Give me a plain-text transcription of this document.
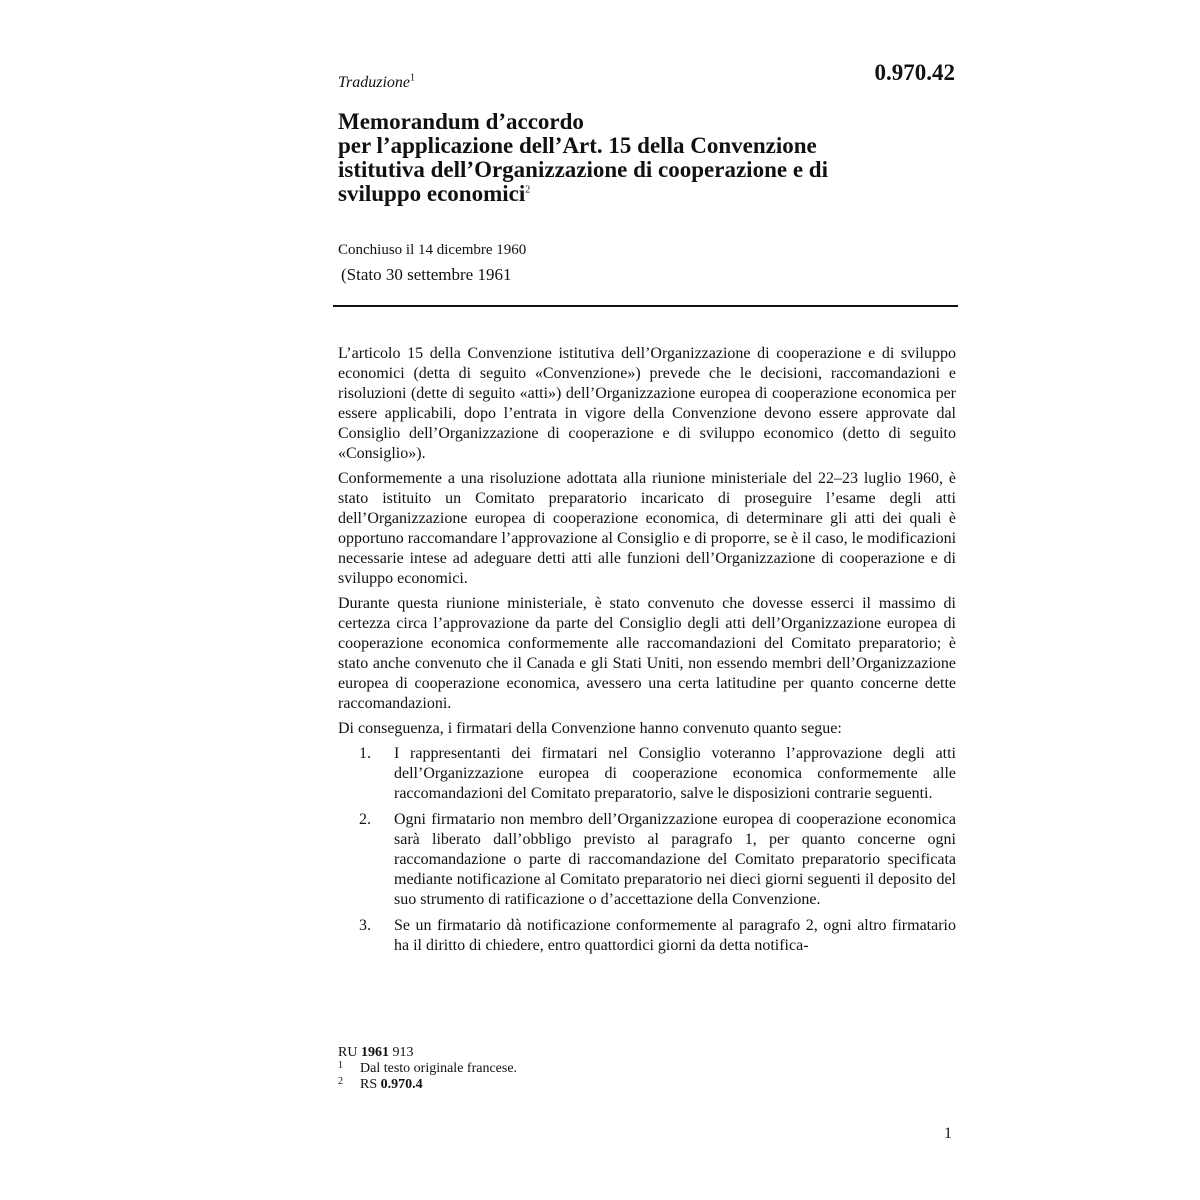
Traduzione$^1$	0.970.42
Memorandum d’accordo
per l’applicazione dell’Art. 15 della Convenzione
istitutiva dell’Organizzazione di cooperazione e di
sviluppo economici$^2$
Conchiuso il 14 dicembre 1960
(Stato 30 settembre 1961

L’articolo 15 della Convenzione istitutiva dell’Organizzazione di cooperazione e di sviluppo economici (detta di seguito «Convenzione») prevede che le decisioni, raccomandazioni e risoluzioni (dette di seguito «atti») dell’Organizzazione europea di cooperazione economica per essere applicabili, dopo l’entrata in vigore della Convenzione devono essere approvate dal Consiglio dell’Organizzazione di cooperazione e di sviluppo economico (detto di seguito «Consiglio»).

Conformemente a una risoluzione adottata alla riunione ministeriale del 22–23 luglio 1960, è stato istituito un Comitato preparatorio incaricato di proseguire l’esame degli atti dell’Organizzazione europea di cooperazione economica, di determinare gli atti dei quali è opportuno raccomandare l’approvazione al Consiglio e di proporre, se è il caso, le modificazioni necessarie intese ad adeguare detti atti alle funzioni dell’Organizzazione di cooperazione e di sviluppo economici.

Durante questa riunione ministeriale, è stato convenuto che dovesse esserci il massimo di certezza circa l’approvazione da parte del Consiglio degli atti dell’Organizzazione europea di cooperazione economica conformemente alle raccomandazioni del Comitato preparatorio; è stato anche convenuto che il Canada e gli Stati Uniti, non essendo membri dell’Organizzazione europea di cooperazione economica, avessero una certa latitudine per quanto concerne dette raccomandazioni.

Di conseguenza, i firmatari della Convenzione hanno convenuto quanto segue:

1. I rappresentanti dei firmatari nel Consiglio voteranno l’approvazione degli atti dell’Organizzazione europea di cooperazione economica conformemente alle raccomandazioni del Comitato preparatorio, salve le disposizioni contrarie seguenti.
2. Ogni firmatario non membro dell’Organizzazione europea di cooperazione economica sarà liberato dall’obbligo previsto al paragrafo 1, per quanto concerne ogni raccomandazione o parte di raccomandazione del Comitato preparatorio specificata mediante notificazione al Comitato preparatorio nei dieci giorni seguenti il deposito del suo strumento di ratificazione o d’accettazione della Convenzione.
3. Se un firmatario dà notificazione conformemente al paragrafo 2, ogni altro firmatario ha il diritto di chiedere, entro quattordici giorni da detta notifica-
RU 1961 913
1 Dal testo originale francese.
2 RS 0.970.4
1
